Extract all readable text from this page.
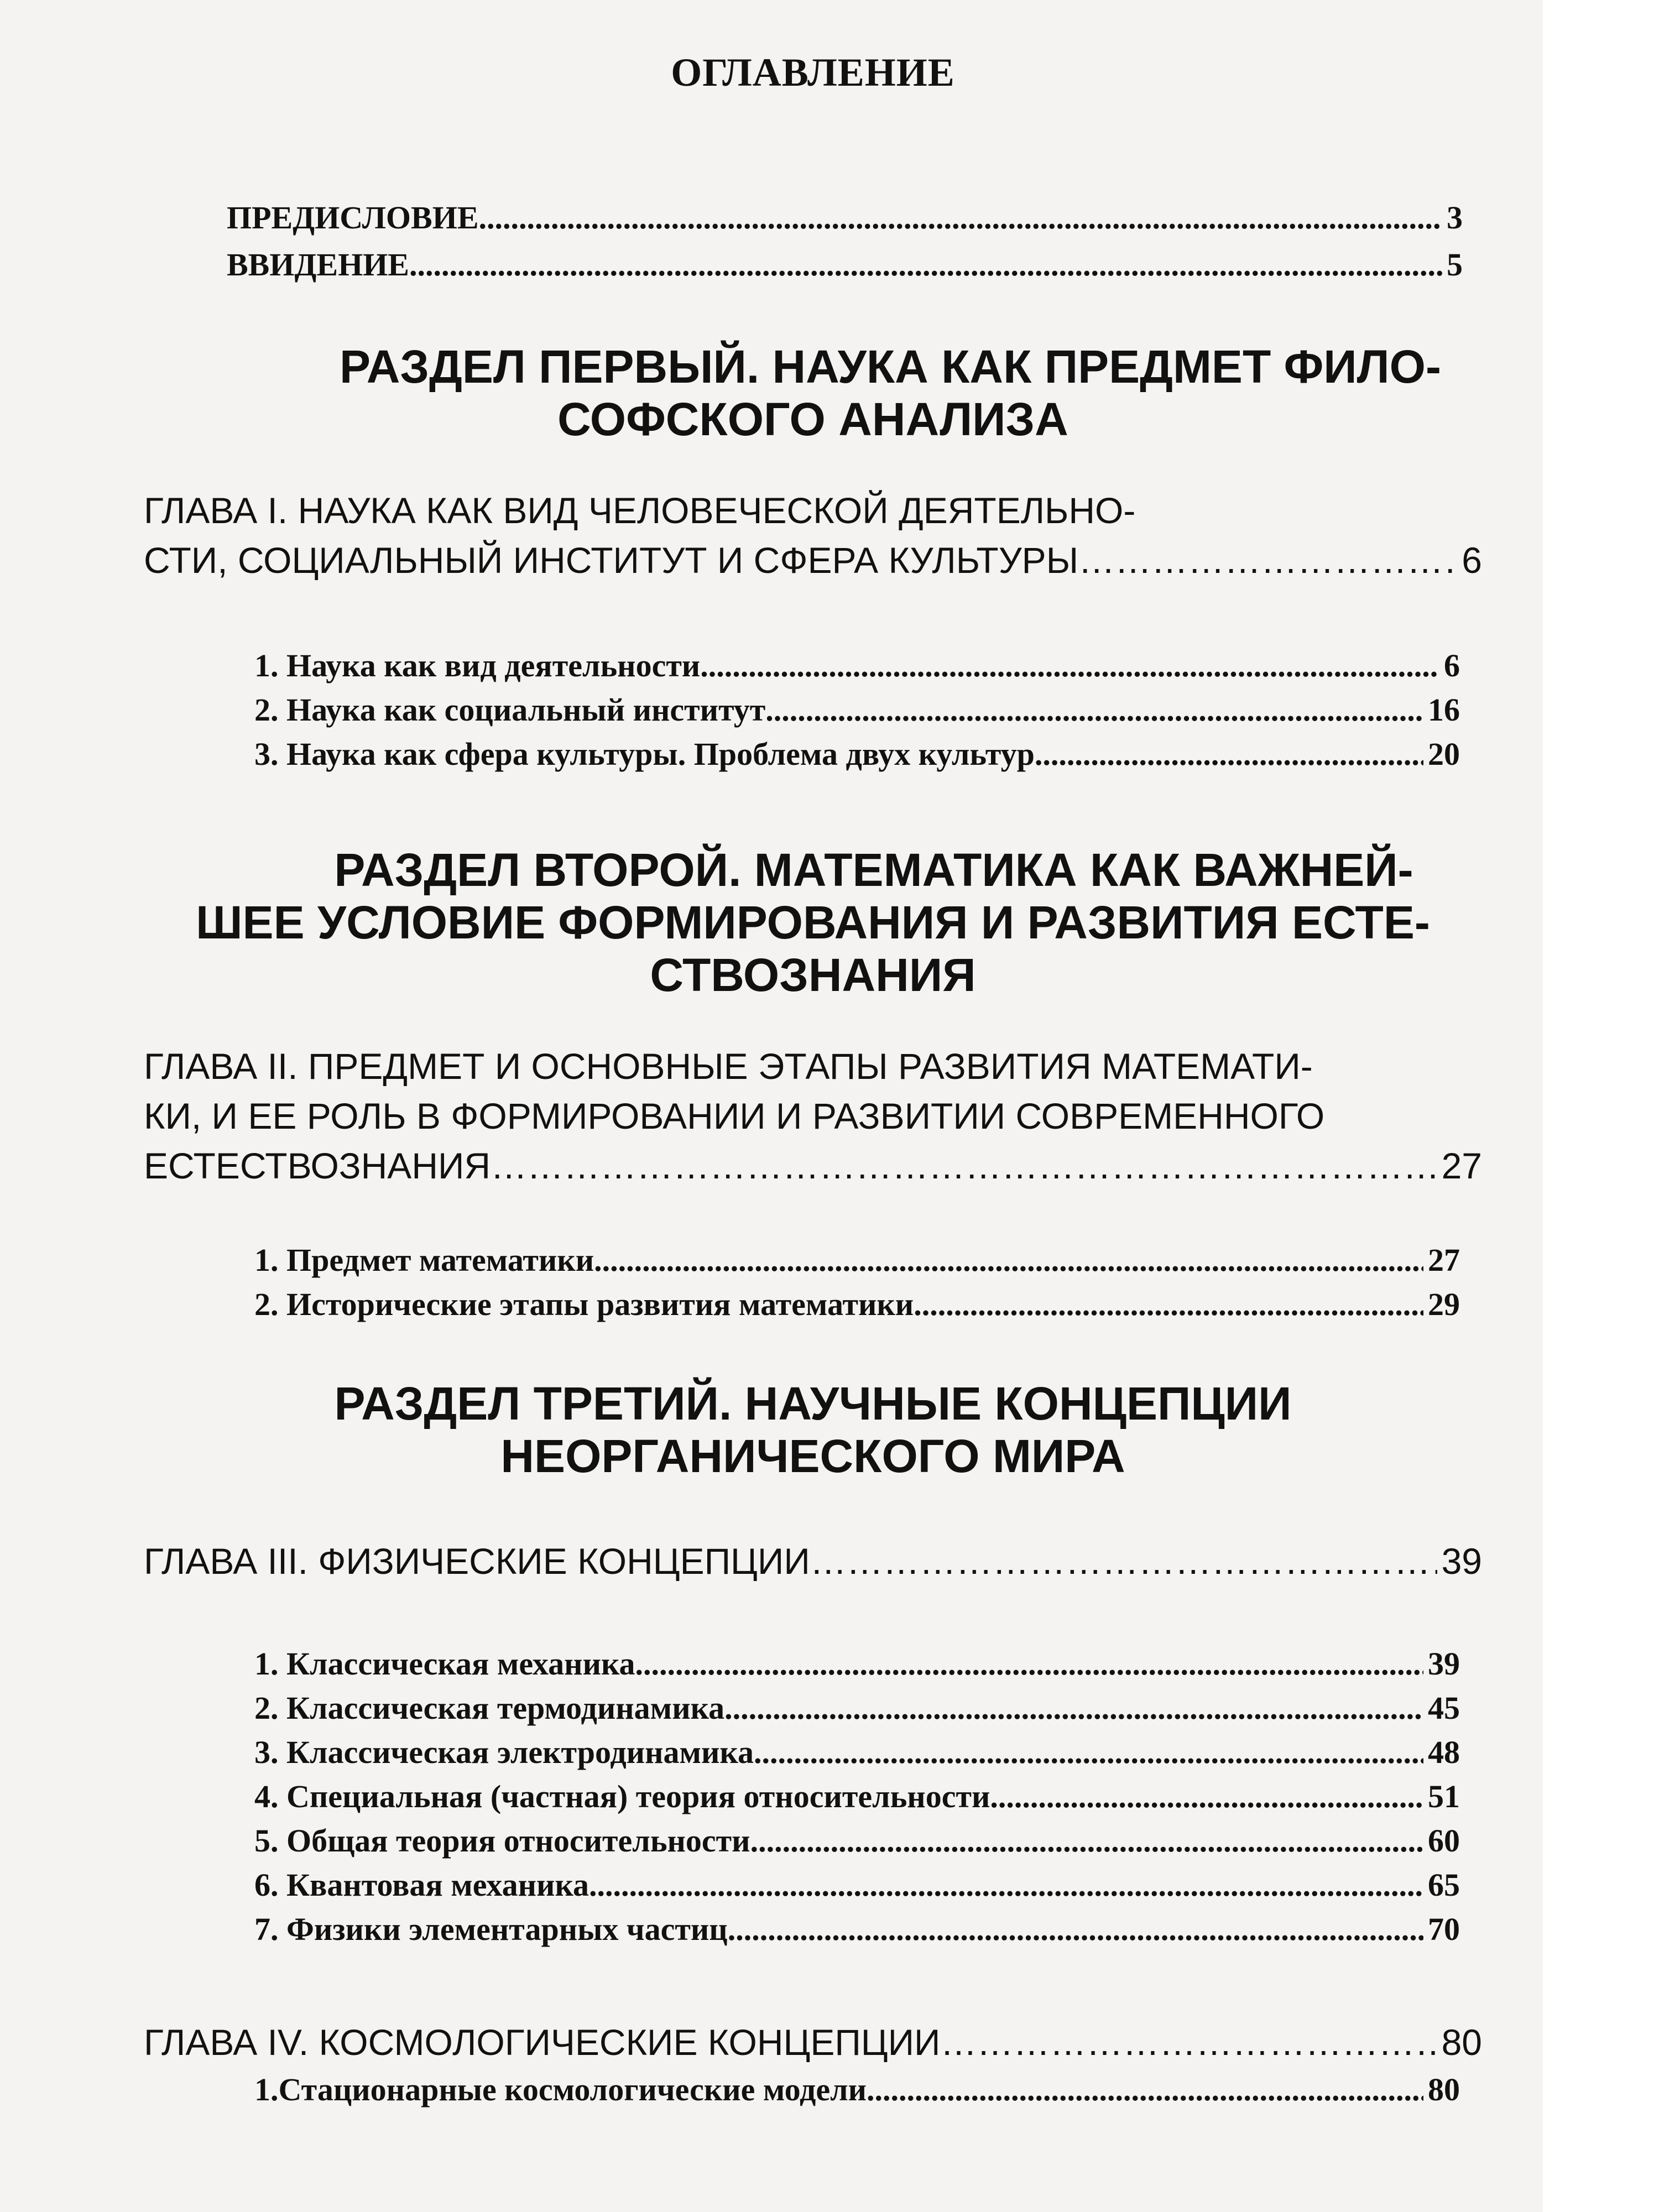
ОГЛАВЛЕНИЕ
ПРЕДИСЛОВИЕ .....	3
ВВИДЕНИЕ .....	5
РАЗДЕЛ ПЕРВЫЙ. НАУКА КАК ПРЕДМЕТ ФИЛО-
СОФСКОГО АНАЛИЗА
ГЛАВА I. НАУКА КАК ВИД ЧЕЛОВЕЧЕСКОЙ ДЕЯТЕЛЬНО-
СТИ, СОЦИАЛЬНЫЙ ИНСТИТУТ И СФЕРА КУЛЬТУРЫ ……………………………………………………………………………………………………………………………………………………………………………………………………………………………	6
1. Наука как вид деятельности .....	6
2. Наука как социальный институт .....	16
3. Наука как сфера культуры. Проблема двух культур .....	20
РАЗДЕЛ ВТОРОЙ. МАТЕМАТИКА КАК ВАЖНЕЙ-
ШЕЕ УСЛОВИЕ ФОРМИРОВАНИЯ И РАЗВИТИЯ ЕСТЕ-
СТВОЗНАНИЯ
ГЛАВА II. ПРЕДМЕТ И ОСНОВНЫЕ ЭТАПЫ РАЗВИТИЯ МАТЕМАТИ-
КИ, И ЕЕ РОЛЬ В ФОРМИРОВАНИИ И РАЗВИТИИ СОВРЕМЕННОГО
ЕСТЕСТВОЗНАНИЯ ……………………………………………………………………………………………………………………………………………………………………………………………………………………………	27
1. Предмет математики .....	27
2. Исторические этапы развития математики .....	29
РАЗДЕЛ ТРЕТИЙ. НАУЧНЫЕ КОНЦЕПЦИИ
НЕОРГАНИЧЕСКОГО МИРА
ГЛАВА III. ФИЗИЧЕСКИЕ КОНЦЕПЦИИ ……………………………………………………………………………………………………………………………………………………………………………………………………………………………	39
1. Классическая механика .....	39
2. Классическая термодинамика .....	45
3. Классическая электродинамика .....	48
4. Специальная (частная) теория относительности .....	51
5. Общая теория относительности .....	60
6. Квантовая механика .....	65
7. Физики элементарных частиц .....	70
ГЛАВА IV. КОСМОЛОГИЧЕСКИЕ КОНЦЕПЦИИ ……………………………………………………………………………………………………………………………………………………………………………………………………………………………	80
1.Стационарные космологические модели .....	80
